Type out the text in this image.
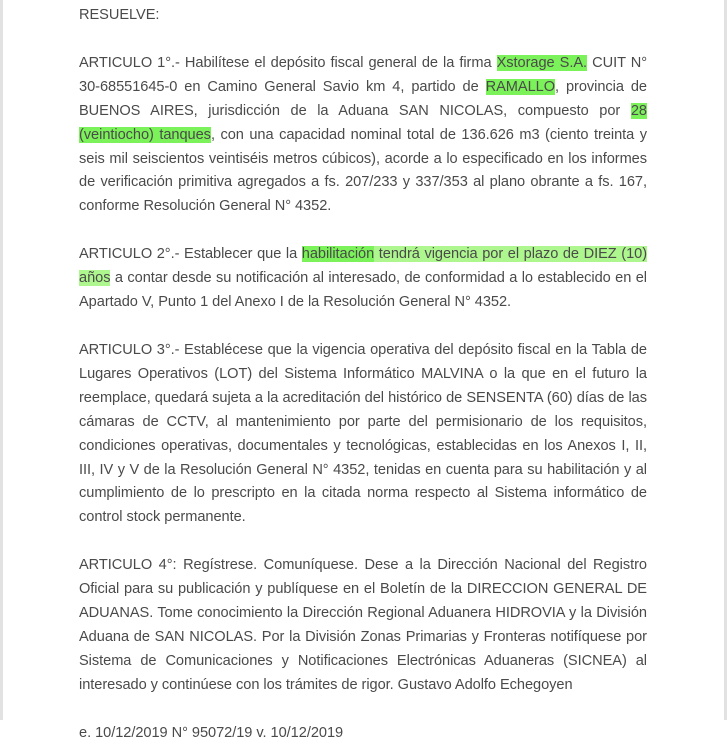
RESUELVE:

ARTICULO 1°.- Habilítese el depósito fiscal general de la firma Xstorage S.A. CUIT N° 30-68551645-0 en Camino General Savio km 4, partido de RAMALLO, provincia de BUENOS AIRES, jurisdicción de la Aduana SAN NICOLAS, compuesto por 28 (veintiocho) tanques, con una capacidad nominal total de 136.626 m3 (ciento treinta y seis mil seiscientos veintiséis metros cúbicos), acorde a lo especificado en los informes de verificación primitiva agregados a fs. 207/233 y 337/353 al plano obrante a fs. 167, conforme Resolución General N° 4352.

ARTICULO 2°.- Establecer que la habilitación tendrá vigencia por el plazo de DIEZ (10) años a contar desde su notificación al interesado, de conformidad a lo establecido en el Apartado V, Punto 1 del Anexo I de la Resolución General N° 4352.

ARTICULO 3°.- Establécese que la vigencia operativa del depósito fiscal en la Tabla de Lugares Operativos (LOT) del Sistema Informático MALVINA o la que en el futuro la reemplace, quedará sujeta a la acreditación del histórico de SENSENTA (60) días de las cámaras de CCTV, al mantenimiento por parte del permisionario de los requisitos, condiciones operativas, documentales y tecnológicas, establecidas en los Anexos I, II, III, IV y V de la Resolución General N° 4352, tenidas en cuenta para su habilitación y al cumplimiento de lo prescripto en la citada norma respecto al Sistema informático de control stock permanente.

ARTICULO 4°: Regístrese. Comuníquese. Dese a la Dirección Nacional del Registro Oficial para su publicación y publíquese en el Boletín de la DIRECCION GENERAL DE ADUANAS. Tome conocimiento la Dirección Regional Aduanera HIDROVIA y la División Aduana de SAN NICOLAS. Por la División Zonas Primarias y Fronteras notifíquese por Sistema de Comunicaciones y Notificaciones Electrónicas Aduaneras (SICNEA) al interesado y continúese con los trámites de rigor. Gustavo Adolfo Echegoyen

e. 10/12/2019 N° 95072/19 v. 10/12/2019
